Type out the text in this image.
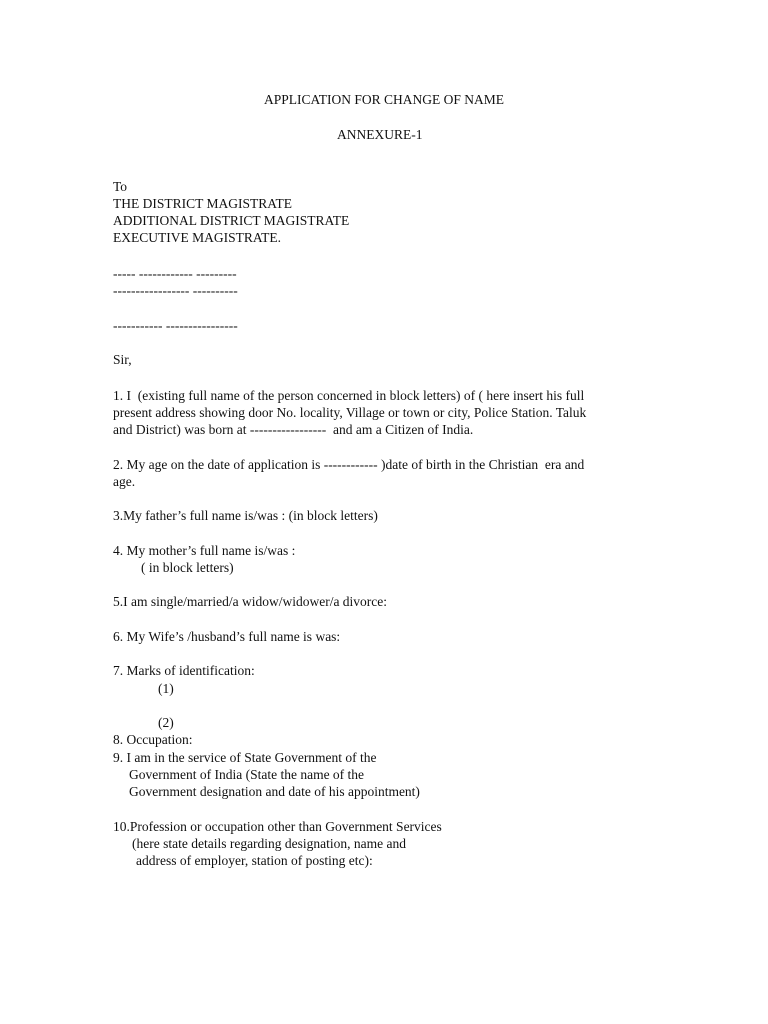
APPLICATION FOR CHANGE OF NAME
ANNEXURE-1
To
THE DISTRICT MAGISTRATE
ADDITIONAL DISTRICT MAGISTRATE
EXECUTIVE MAGISTRATE.
----- ------------ ---------
----------------- ----------
----------- ----------------
Sir,
1. I  (existing full name of the person concerned in block letters) of ( here insert his full
present address showing door No. locality, Village or town or city, Police Station. Taluk
and District) was born at -----------------  and am a Citizen of India.
2. My age on the date of application is ------------ )date of birth in the Christian  era and
age.
3.My father’s full name is/was : (in block letters)
4. My mother’s full name is/was :
( in block letters)
5.I am single/married/a widow/widower/a divorce:
6. My Wife’s /husband’s full name is was:
7. Marks of identification:
(1)
(2)
8. Occupation:
9. I am in the service of State Government of the
Government of India (State the name of the
Government designation and date of his appointment)
10.Profession or occupation other than Government Services
(here state details regarding designation, name and
address of employer, station of posting etc):
